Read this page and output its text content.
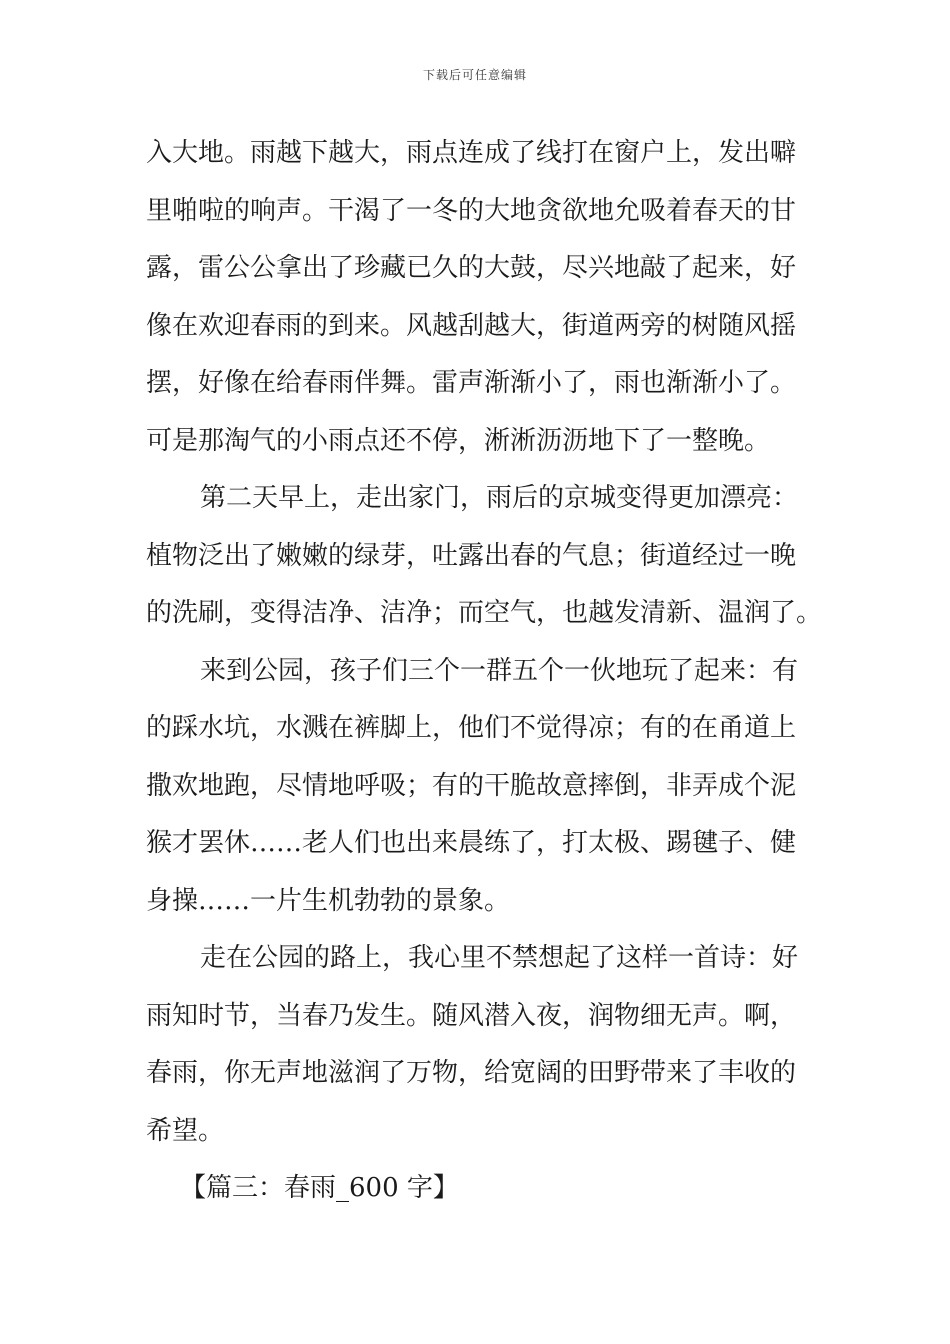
下载后可任意编辑
入大地。雨越下越大，雨点连成了线打在窗户上，发出噼
里啪啦的响声。干渴了一冬的大地贪欲地允吸着春天的甘
露，雷公公拿出了珍藏已久的大鼓，尽兴地敲了起来，好
像在欢迎春雨的到来。风越刮越大，街道两旁的树随风摇
摆，好像在给春雨伴舞。雷声渐渐小了，雨也渐渐小了。
可是那淘气的小雨点还不停，淅淅沥沥地下了一整晚。
第二天早上，走出家门，雨后的京城变得更加漂亮：
植物泛出了嫩嫩的绿芽，吐露出春的气息；街道经过一晚
的洗刷，变得洁净、洁净；而空气，也越发清新、温润了。
来到公园，孩子们三个一群五个一伙地玩了起来：有
的踩水坑，水溅在裤脚上，他们不觉得凉；有的在甬道上
撒欢地跑，尽情地呼吸；有的干脆故意摔倒，非弄成个泥
猴才罢休……老人们也出来晨练了，打太极、踢毽子、健
身操……一片生机勃勃的景象。
走在公园的路上，我心里不禁想起了这样一首诗：好
雨知时节，当春乃发生。随风潜入夜，润物细无声。啊，
春雨，你无声地滋润了万物，给宽阔的田野带来了丰收的
希望。
【篇三：春雨_600 字】
